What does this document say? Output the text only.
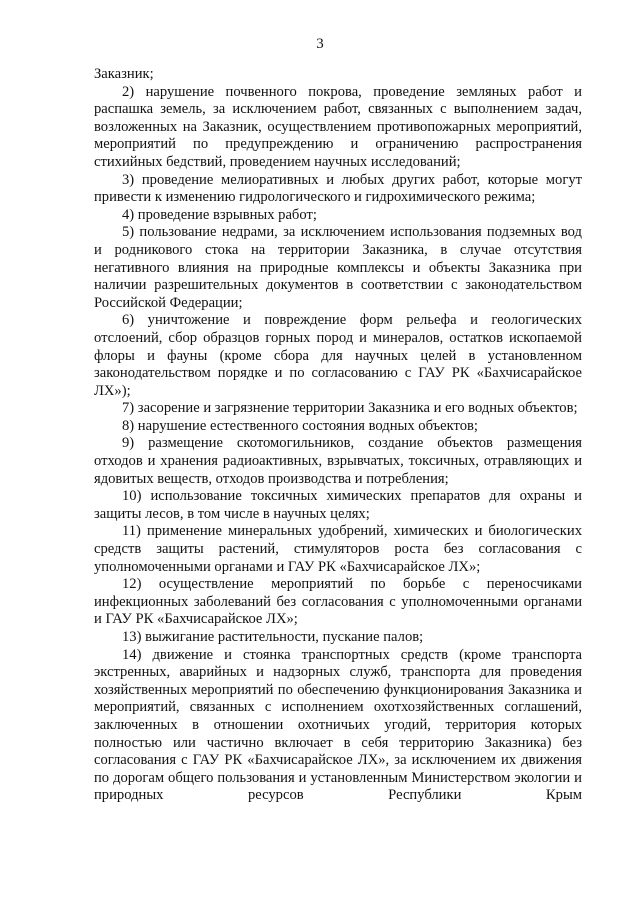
3

Заказник;

2) нарушение почвенного покрова, проведение земляных работ и распашка земель, за исключением работ, связанных с выполнением задач, возложенных на Заказник, осуществлением противопожарных мероприятий, мероприятий по предупреждению и ограничению распространения стихийных бедствий, проведением научных исследований;

3) проведение мелиоративных и любых других работ, которые могут привести к изменению гидрологического и гидрохимического режима;

4) проведение взрывных работ;

5) пользование недрами, за исключением использования подземных вод и родникового стока на территории Заказника, в случае отсутствия негативного влияния на природные комплексы и объекты Заказника при наличии разрешительных документов в соответствии с законодательством Российской Федерации;

6) уничтожение и повреждение форм рельефа и геологических отслоений, сбор образцов горных пород и минералов, остатков ископаемой флоры и фауны (кроме сбора для научных целей в установленном законодательством порядке и по согласованию с ГАУ РК «Бахчисарайское ЛХ»);

7) засорение и загрязнение территории Заказника и его водных объектов;

8) нарушение естественного состояния водных объектов;

9) размещение скотомогильников, создание объектов размещения отходов и хранения радиоактивных, взрывчатых, токсичных, отравляющих и ядовитых веществ, отходов производства и потребления;

10) использование токсичных химических препаратов для охраны и защиты лесов, в том числе в научных целях;

11) применение минеральных удобрений, химических и биологических средств защиты растений, стимуляторов роста без согласования с уполномоченными органами и ГАУ РК «Бахчисарайское ЛХ»;

12) осуществление мероприятий по борьбе с переносчиками инфекционных заболеваний без согласования с уполномоченными органами и ГАУ РК «Бахчисарайское ЛХ»;

13) выжигание растительности, пускание палов;

14) движение и стоянка транспортных средств (кроме транспорта экстренных, аварийных и надзорных служб, транспорта для проведения хозяйственных мероприятий по обеспечению функционирования Заказника и мероприятий, связанных с исполнением охотхозяйственных соглашений, заключенных в отношении охотничьих угодий, территория которых полностью или частично включает в себя территорию Заказника) без согласования с ГАУ РК «Бахчисарайское ЛХ», за исключением их движения по дорогам общего пользования и установленным Министерством экологии и природных ресурсов Республики Крым
